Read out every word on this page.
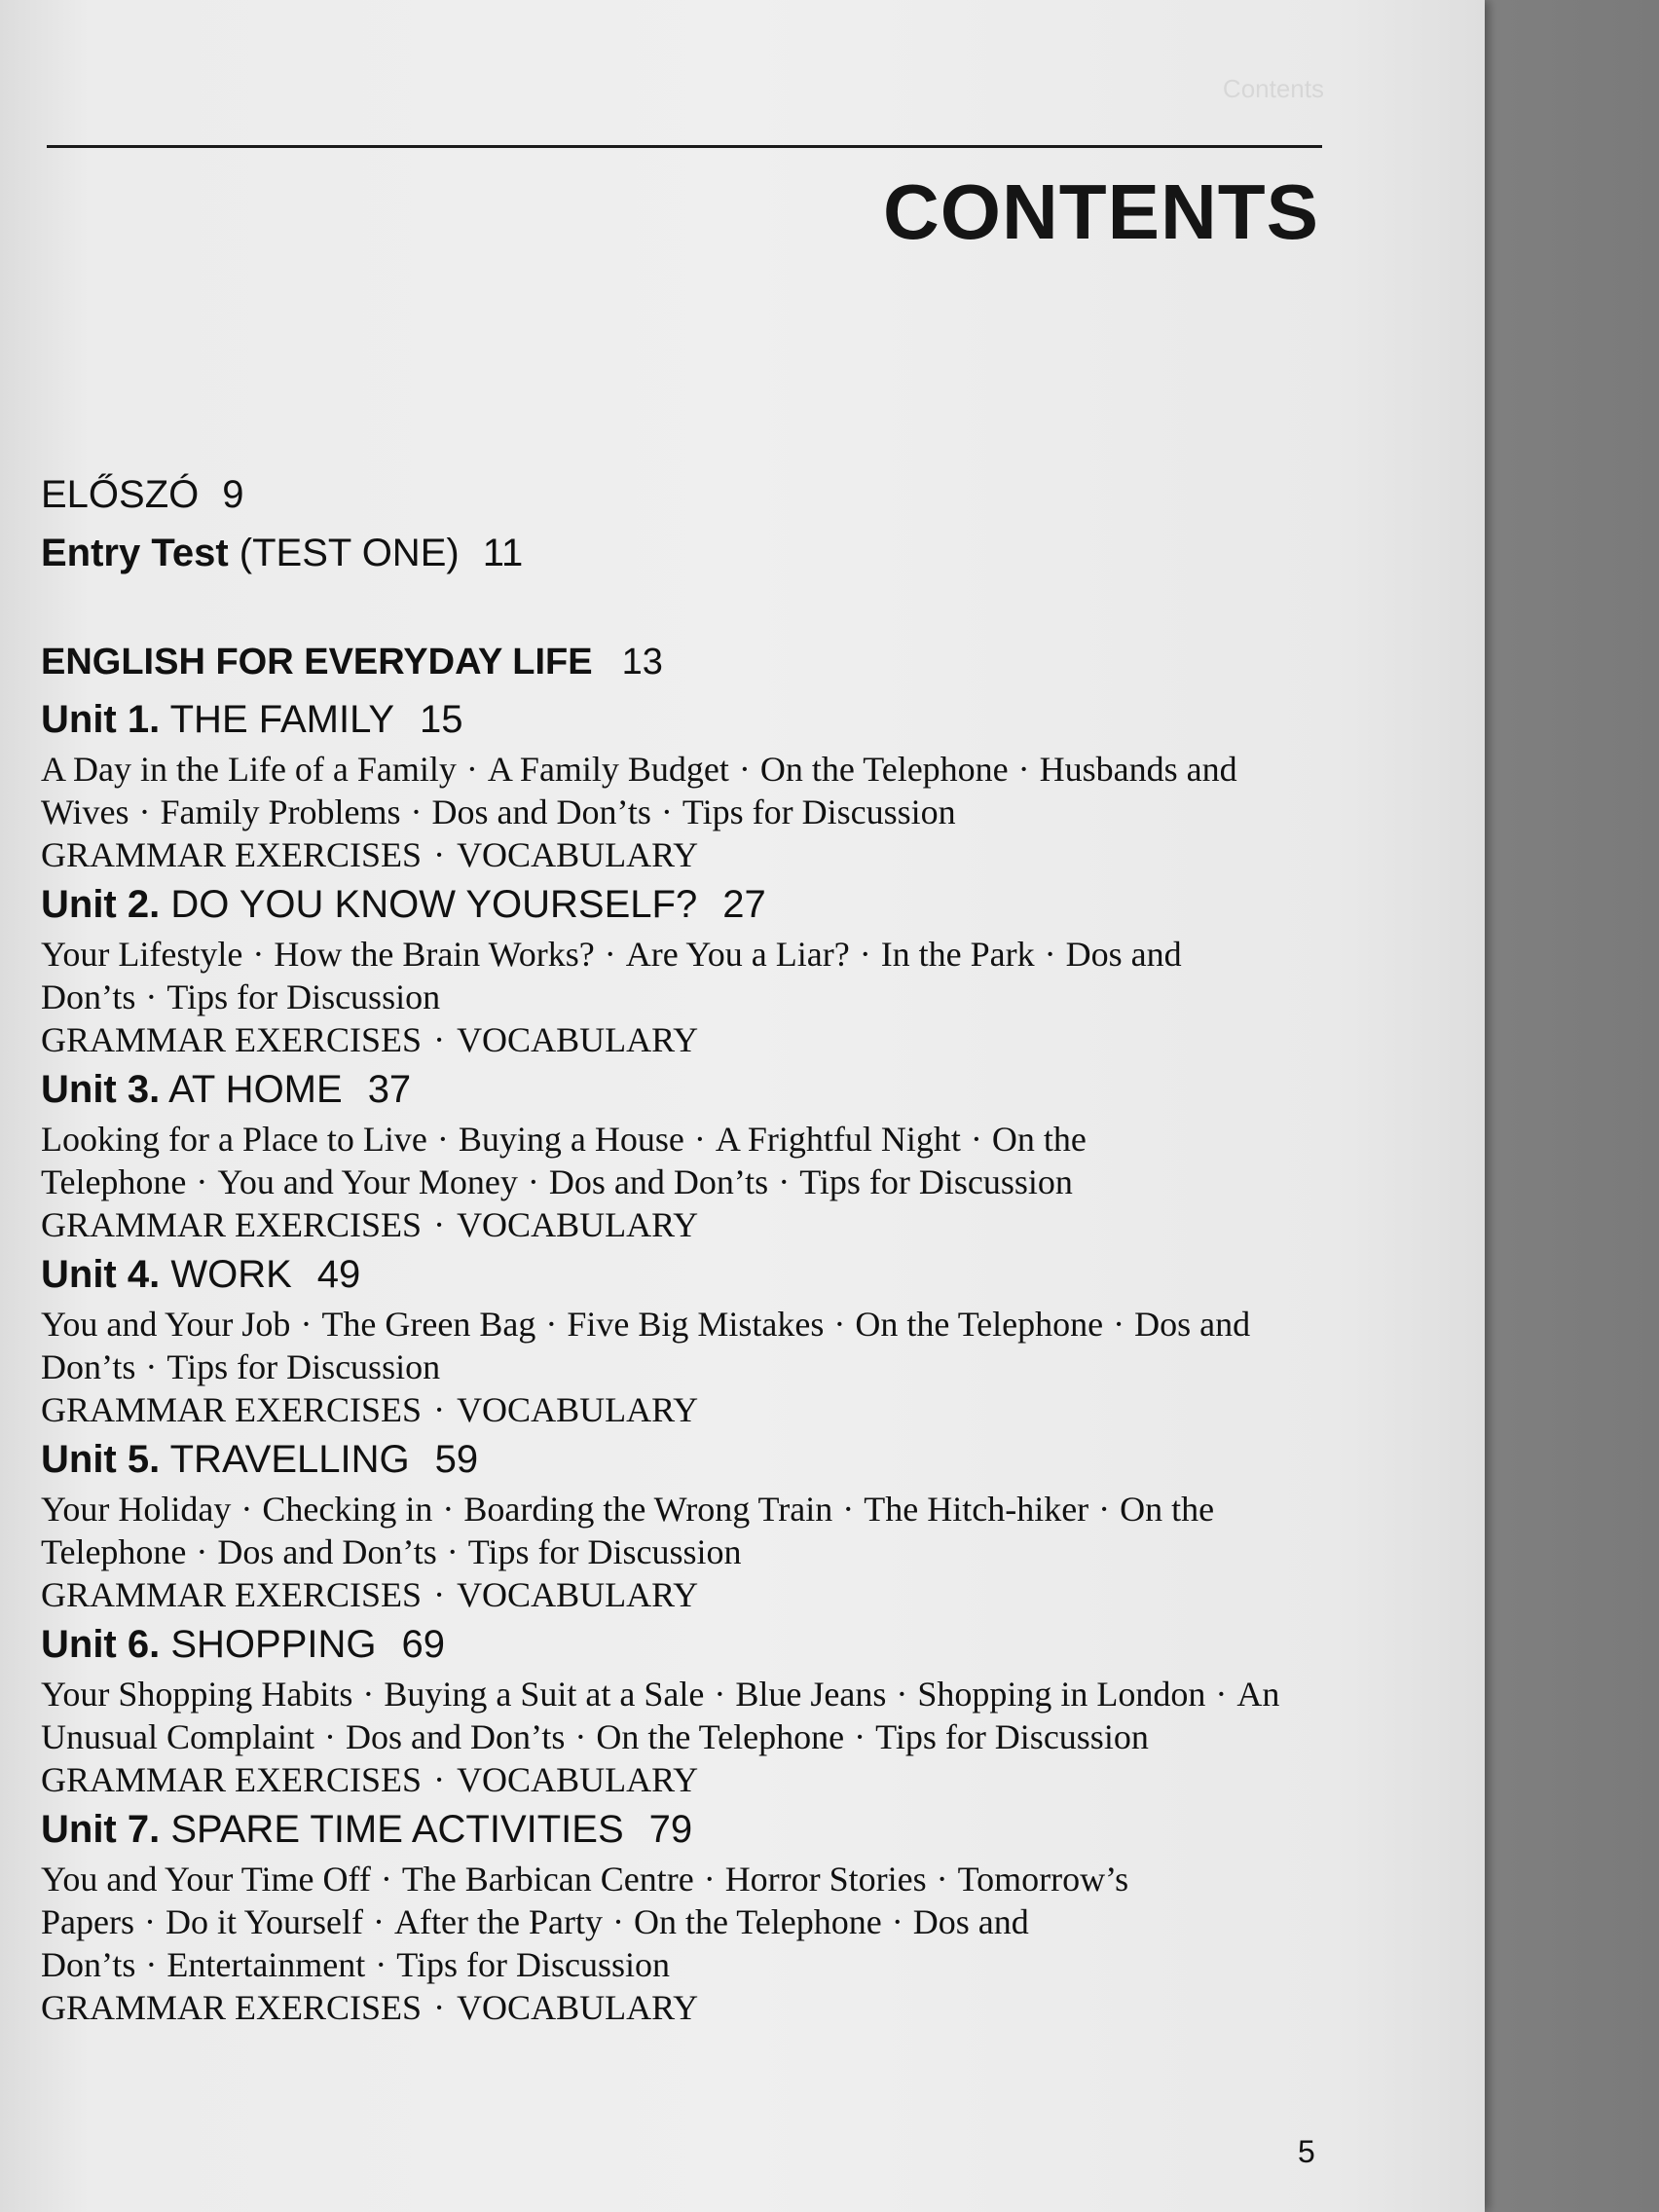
Contents
CONTENTS
ELŐSZÓ 9
Entry Test (TEST ONE) 11
ENGLISH FOR EVERYDAY LIFE 13
Unit 1. THE FAMILY 15
A Day in the Life of a Family · A Family Budget · On the Telephone · Husbands and Wives · Family Problems · Dos and Don’ts · Tips for Discussion
GRAMMAR EXERCISES · VOCABULARY
Unit 2. DO YOU KNOW YOURSELF? 27
Your Lifestyle · How the Brain Works? · Are You a Liar? · In the Park · Dos and Don’ts · Tips for Discussion
GRAMMAR EXERCISES · VOCABULARY
Unit 3. AT HOME 37
Looking for a Place to Live · Buying a House · A Frightful Night · On the Telephone · You and Your Money · Dos and Don’ts · Tips for Discussion
GRAMMAR EXERCISES · VOCABULARY
Unit 4. WORK 49
You and Your Job · The Green Bag · Five Big Mistakes · On the Telephone · Dos and Don’ts · Tips for Discussion
GRAMMAR EXERCISES · VOCABULARY
Unit 5. TRAVELLING 59
Your Holiday · Checking in · Boarding the Wrong Train · The Hitch-hiker · On the Telephone · Dos and Don’ts · Tips for Discussion
GRAMMAR EXERCISES · VOCABULARY
Unit 6. SHOPPING 69
Your Shopping Habits · Buying a Suit at a Sale · Blue Jeans · Shopping in London · An Unusual Complaint · Dos and Don’ts · On the Telephone · Tips for Discussion
GRAMMAR EXERCISES · VOCABULARY
Unit 7. SPARE TIME ACTIVITIES 79
You and Your Time Off · The Barbican Centre · Horror Stories · Tomorrow’s Papers · Do it Yourself · After the Party · On the Telephone · Dos and Don’ts · Entertainment · Tips for Discussion
GRAMMAR EXERCISES · VOCABULARY
5
